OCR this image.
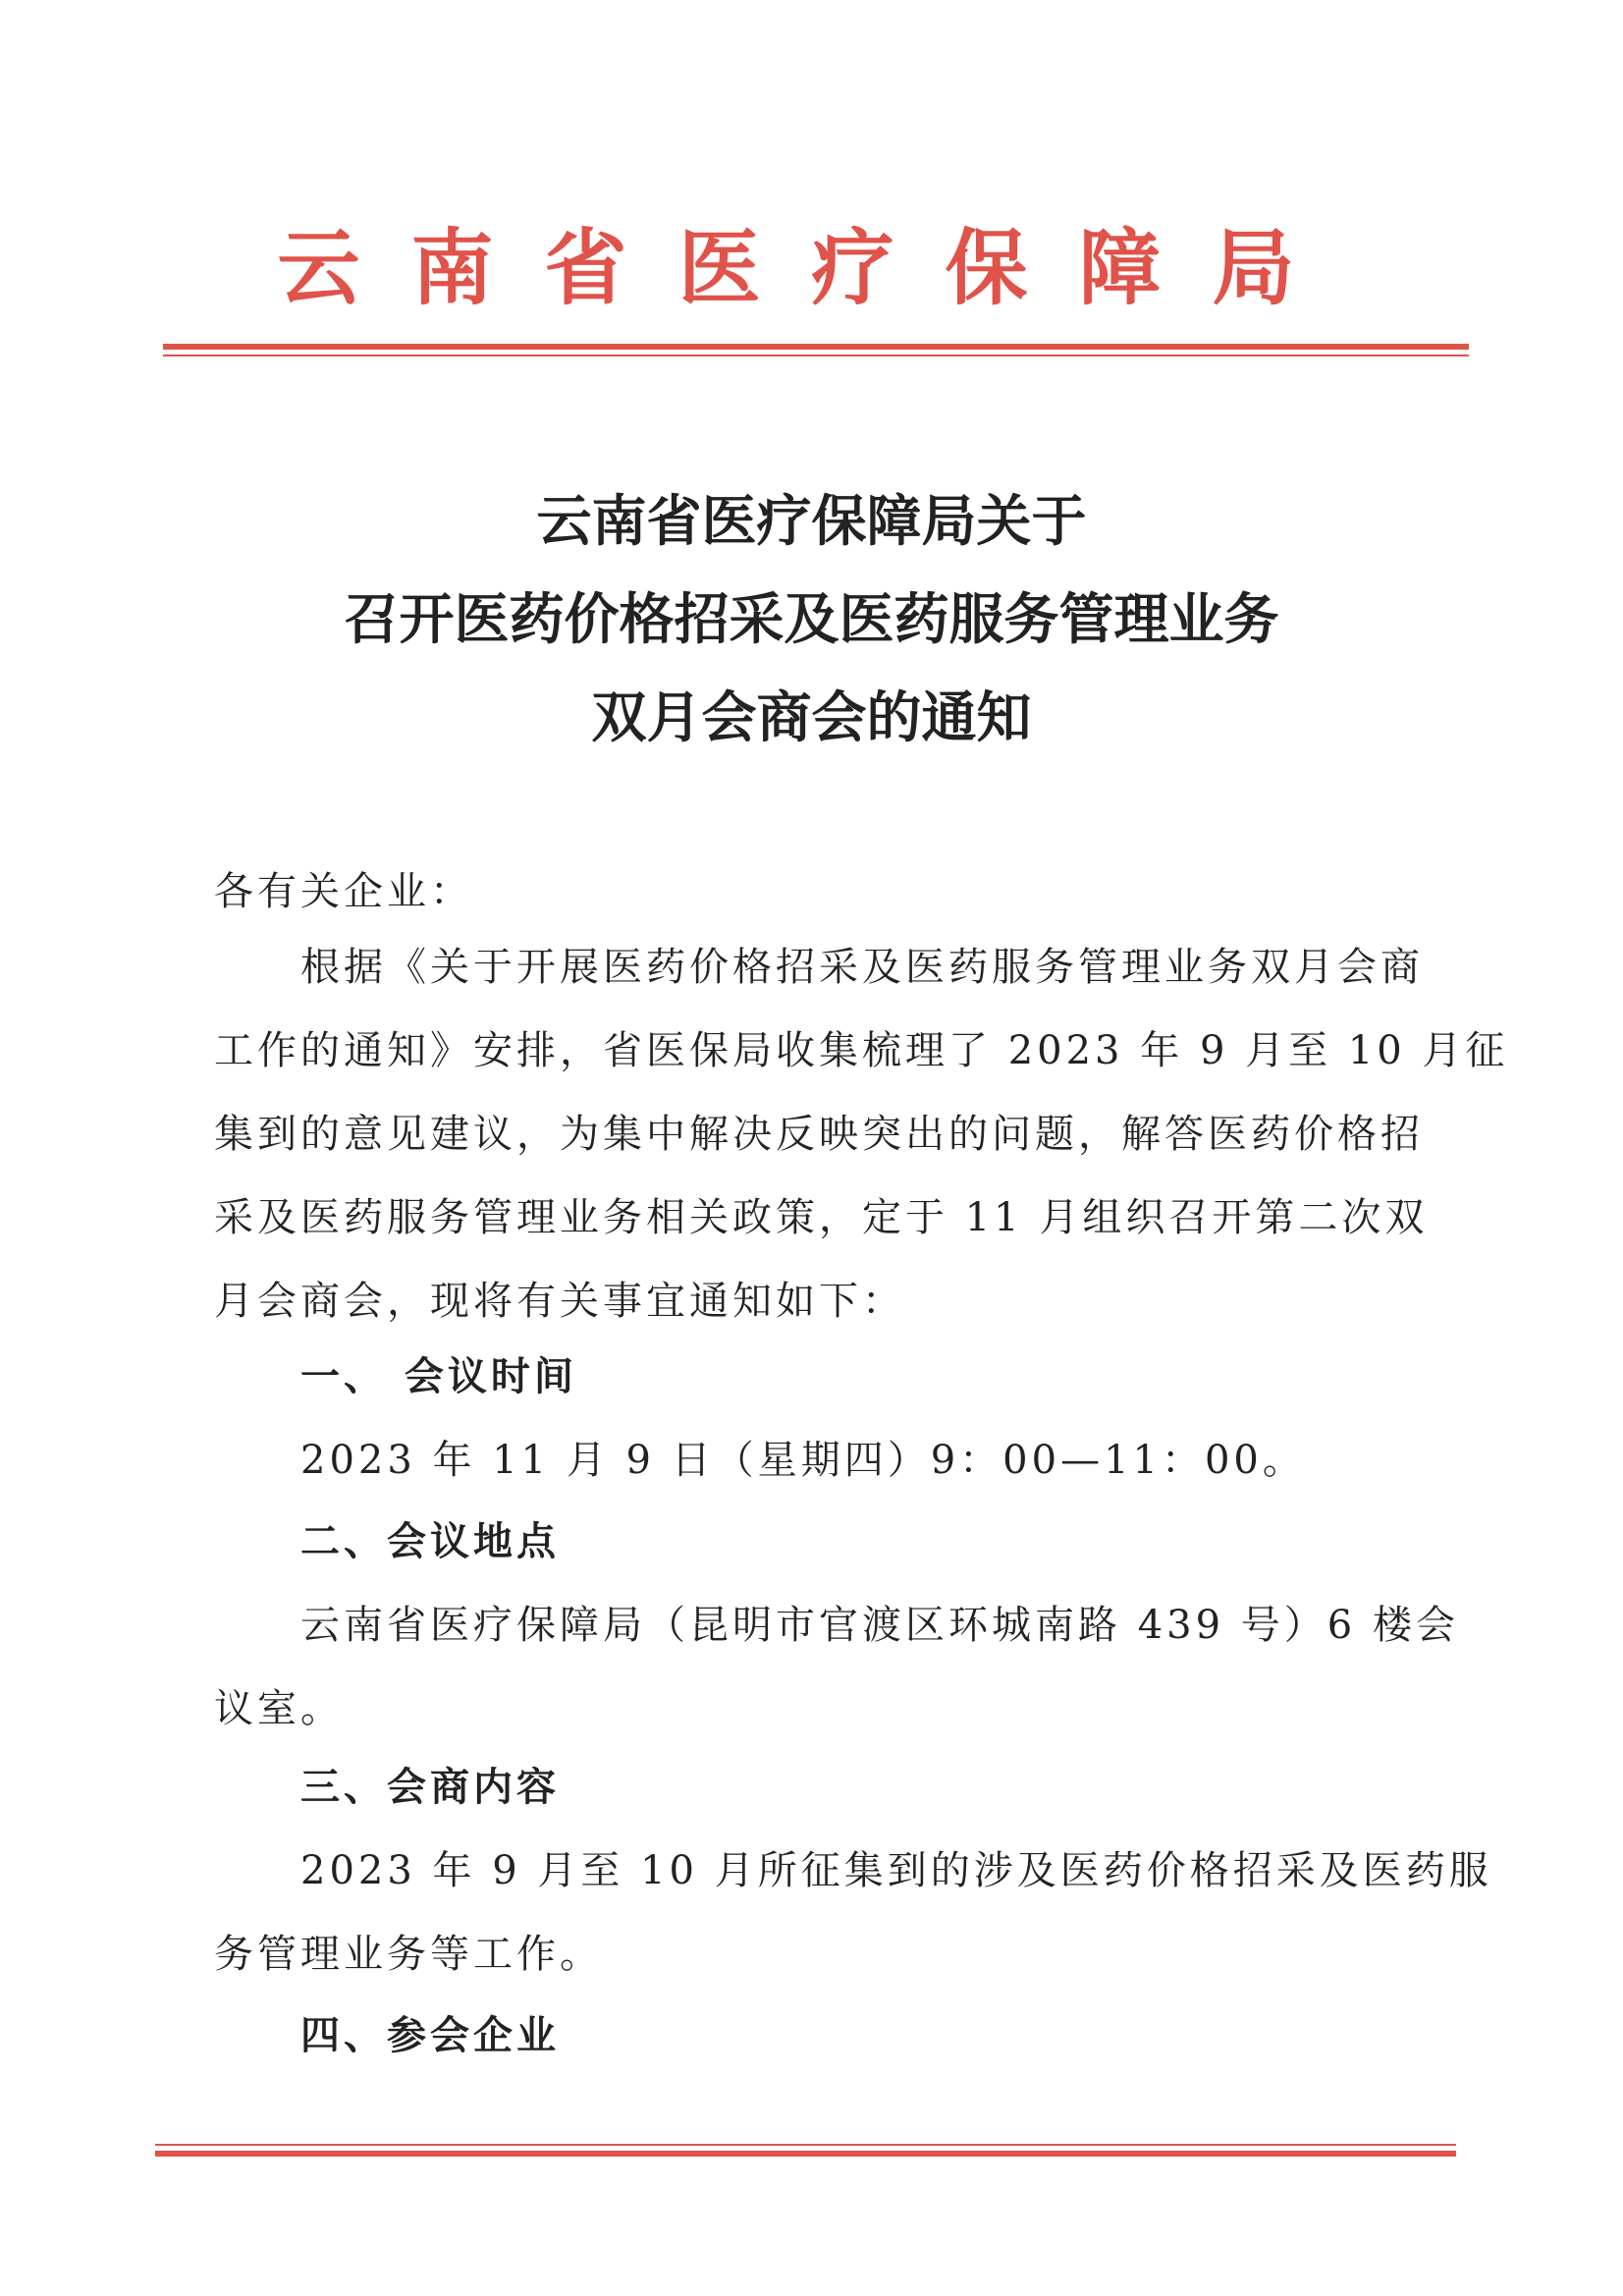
云南省医疗保障局
云南省医疗保障局关于
召开医药价格招采及医药服务管理业务
双月会商会的通知
各有关企业：
根据《关于开展医药价格招采及医药服务管理业务双月会商
工作的通知》安排，省医保局收集梳理了 2023 年 9 月至 10 月征
集到的意见建议，为集中解决反映突出的问题，解答医药价格招
采及医药服务管理业务相关政策，定于 11 月组织召开第二次双
月会商会，现将有关事宜通知如下：
一、 会议时间
2023 年 11 月 9 日（星期四）9：00—11：00。
二、会议地点
云南省医疗保障局（昆明市官渡区环城南路 439 号）6 楼会
议室。
三、会商内容
2023 年 9 月至 10 月所征集到的涉及医药价格招采及医药服
务管理业务等工作。
四、参会企业
